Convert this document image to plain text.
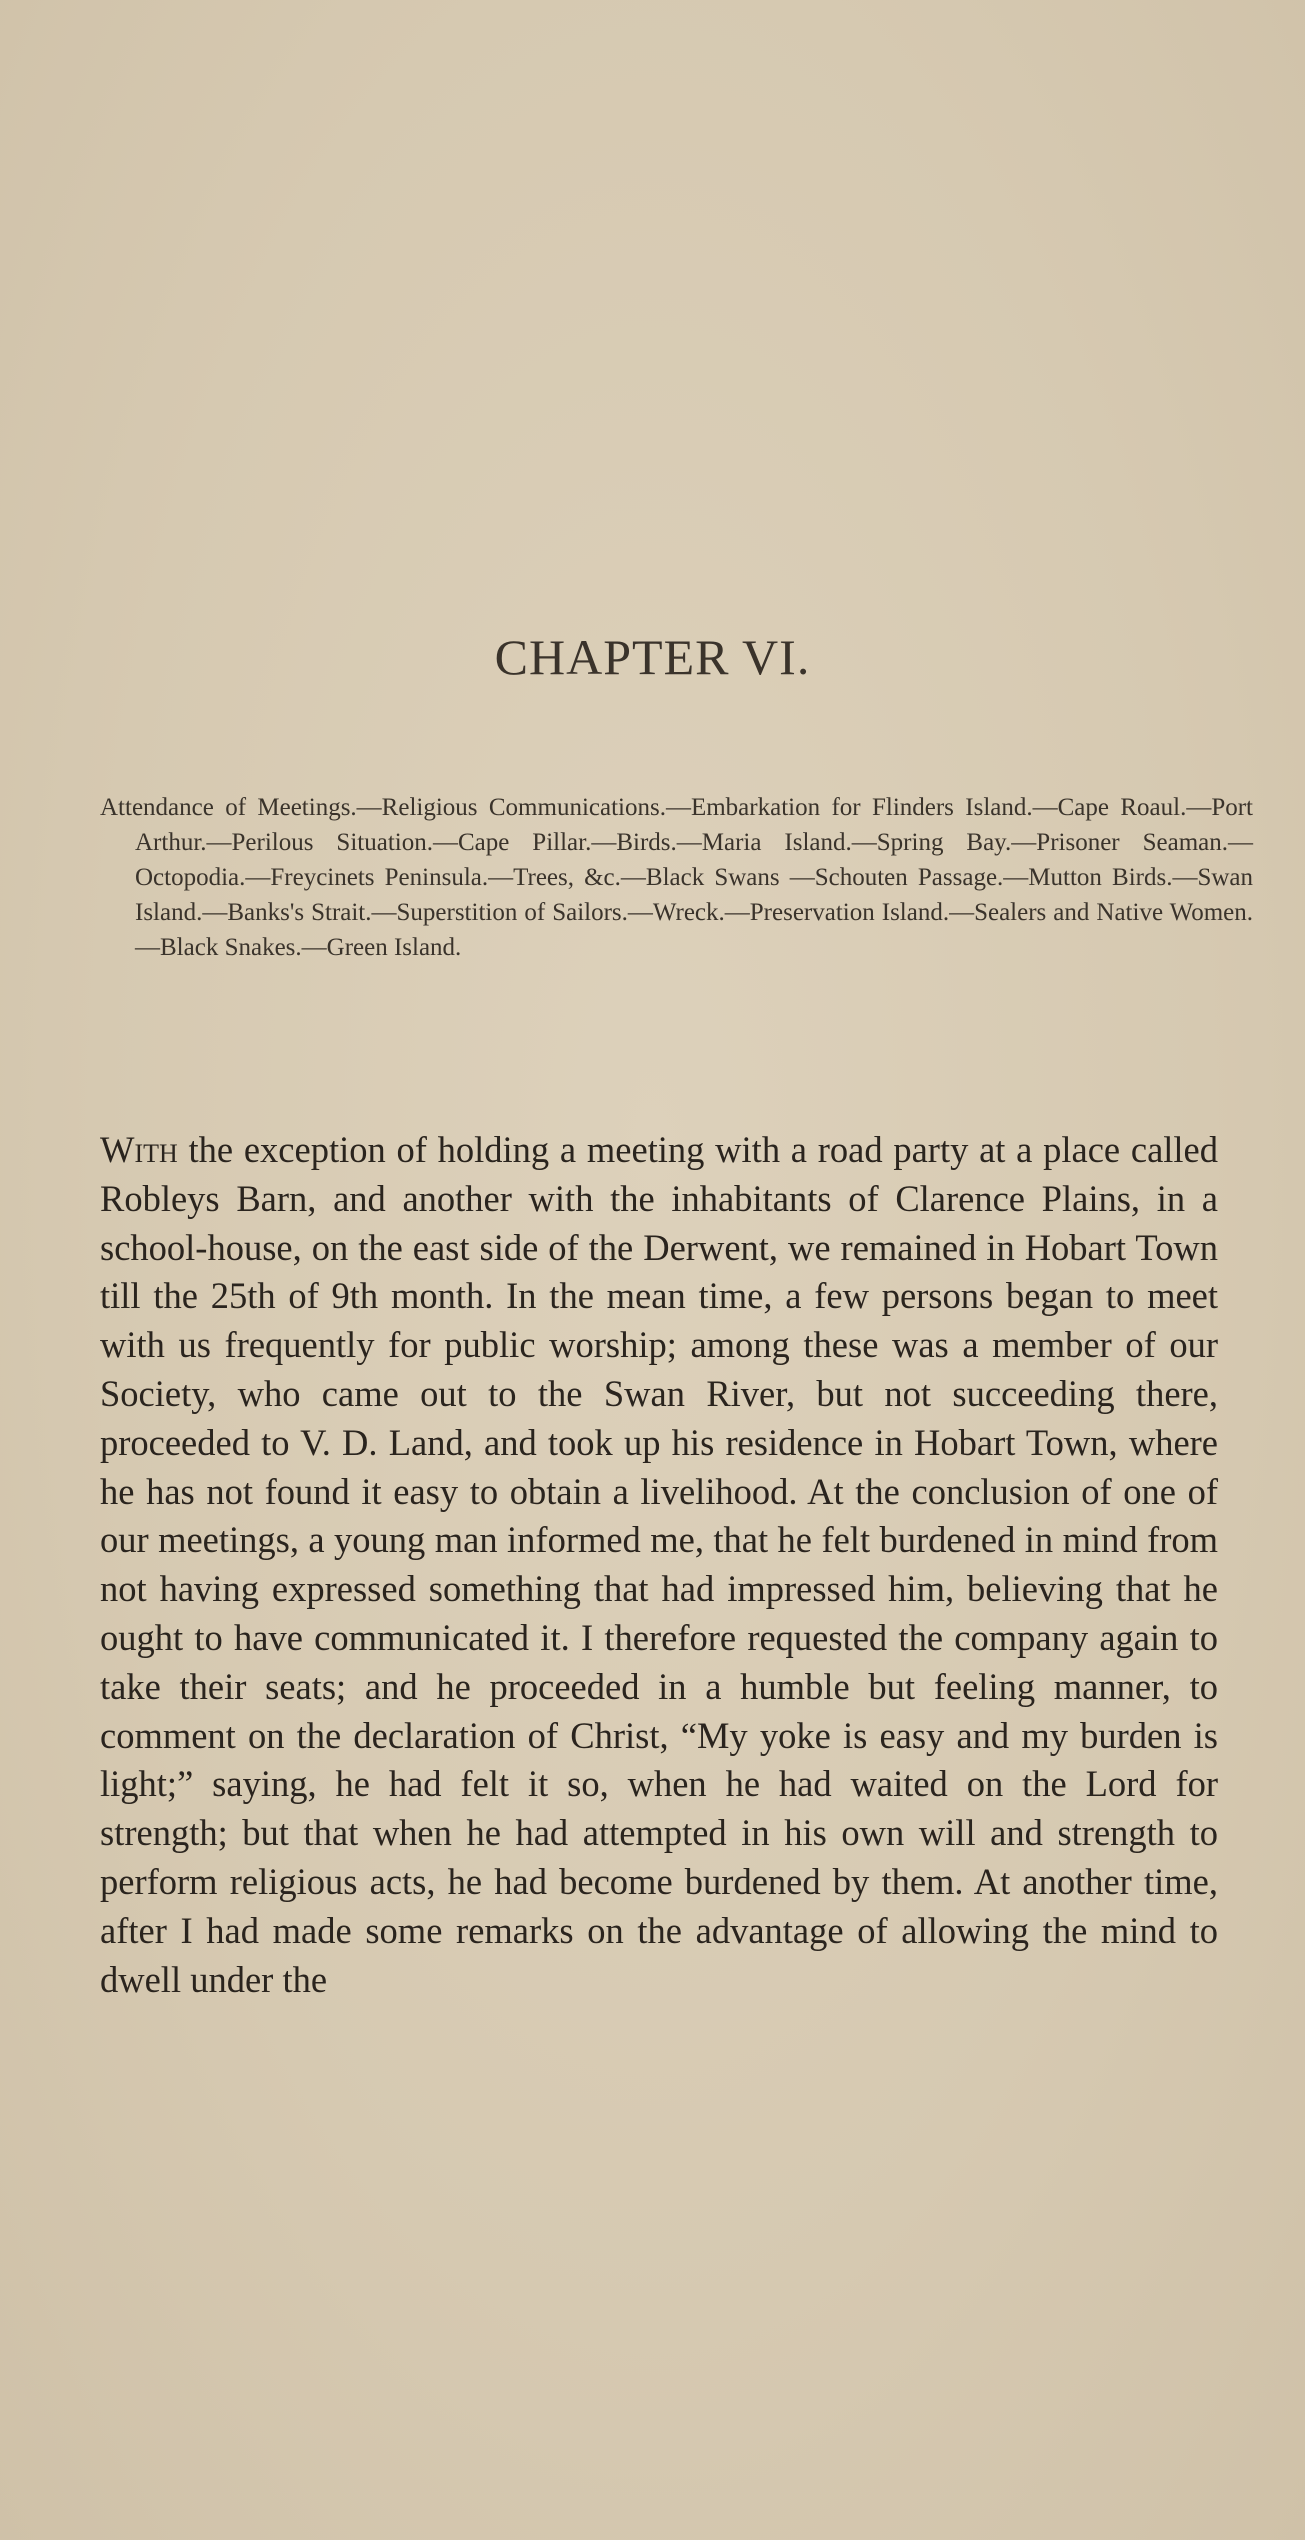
CHAPTER VI.
Attendance of Meetings.—Religious Communications.—Embarkation for Flinders Island.—Cape Roaul.—Port Arthur.—Perilous Situation.—Cape Pillar.—Birds.—Maria Island.—Spring Bay.—Prisoner Seaman.—Octopodia.—Freycinets Peninsula.—Trees, &c.—Black Swans —Schouten Passage.—Mutton Birds.—Swan Island.—Banks's Strait.—Superstition of Sailors.—Wreck.—Preservation Island.—Sealers and Native Women.—Black Snakes.—Green Island.
With the exception of holding a meeting with a road party at a place called Robleys Barn, and another with the inhabitants of Clarence Plains, in a school-house, on the east side of the Derwent, we remained in Hobart Town till the 25th of 9th month. In the mean time, a few persons began to meet with us frequently for public worship; among these was a member of our Society, who came out to the Swan River, but not succeeding there, proceeded to V. D. Land, and took up his residence in Hobart Town, where he has not found it easy to obtain a livelihood. At the conclusion of one of our meetings, a young man informed me, that he felt burdened in mind from not having expressed something that had impressed him, believing that he ought to have communicated it. I therefore requested the company again to take their seats; and he proceeded in a humble but feeling manner, to comment on the declaration of Christ, “My yoke is easy and my burden is light;” saying, he had felt it so, when he had waited on the Lord for strength; but that when he had attempted in his own will and strength to perform religious acts, he had become burdened by them. At another time, after I had made some remarks on the advantage of allowing the mind to dwell under the
